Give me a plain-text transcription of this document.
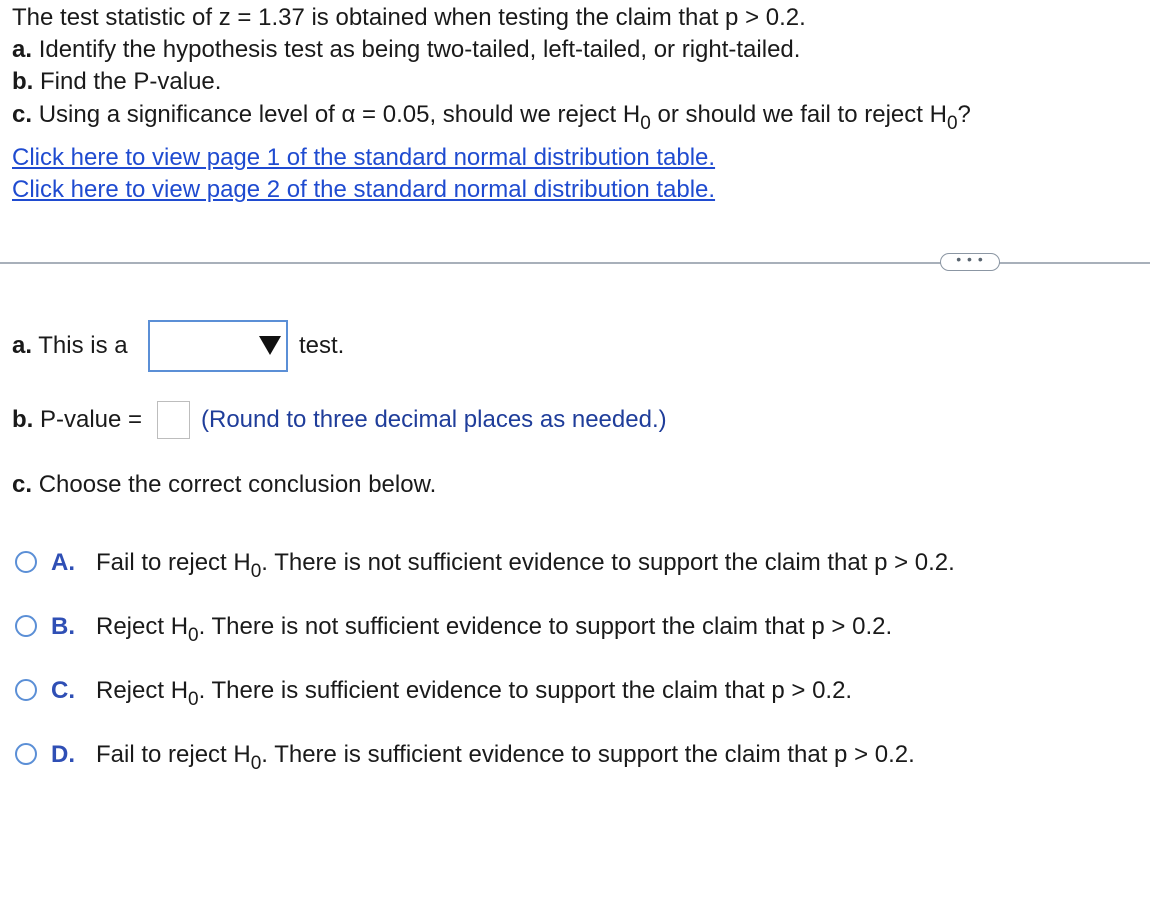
The test statistic of z = 1.37 is obtained when testing the claim that p > 0.2.
a. Identify the hypothesis test as being two-tailed, left-tailed, or right-tailed.
b. Find the P-value.
c. Using a significance level of α = 0.05, should we reject $H_0$ or should we fail to reject $H_0$?
Click here to view page 1 of the standard normal distribution table.
Click here to view page 2 of the standard normal distribution table.
• • •
a. This is a	test.
b. P-value = (Round to three decimal places as needed.)
c. Choose the correct conclusion below.
A. Fail to reject $H_0$. There is not sufficient evidence to support the claim that p > 0.2.
B. Reject $H_0$. There is not sufficient evidence to support the claim that p > 0.2.
C. Reject $H_0$. There is sufficient evidence to support the claim that p > 0.2.
D. Fail to reject $H_0$. There is sufficient evidence to support the claim that p > 0.2.
